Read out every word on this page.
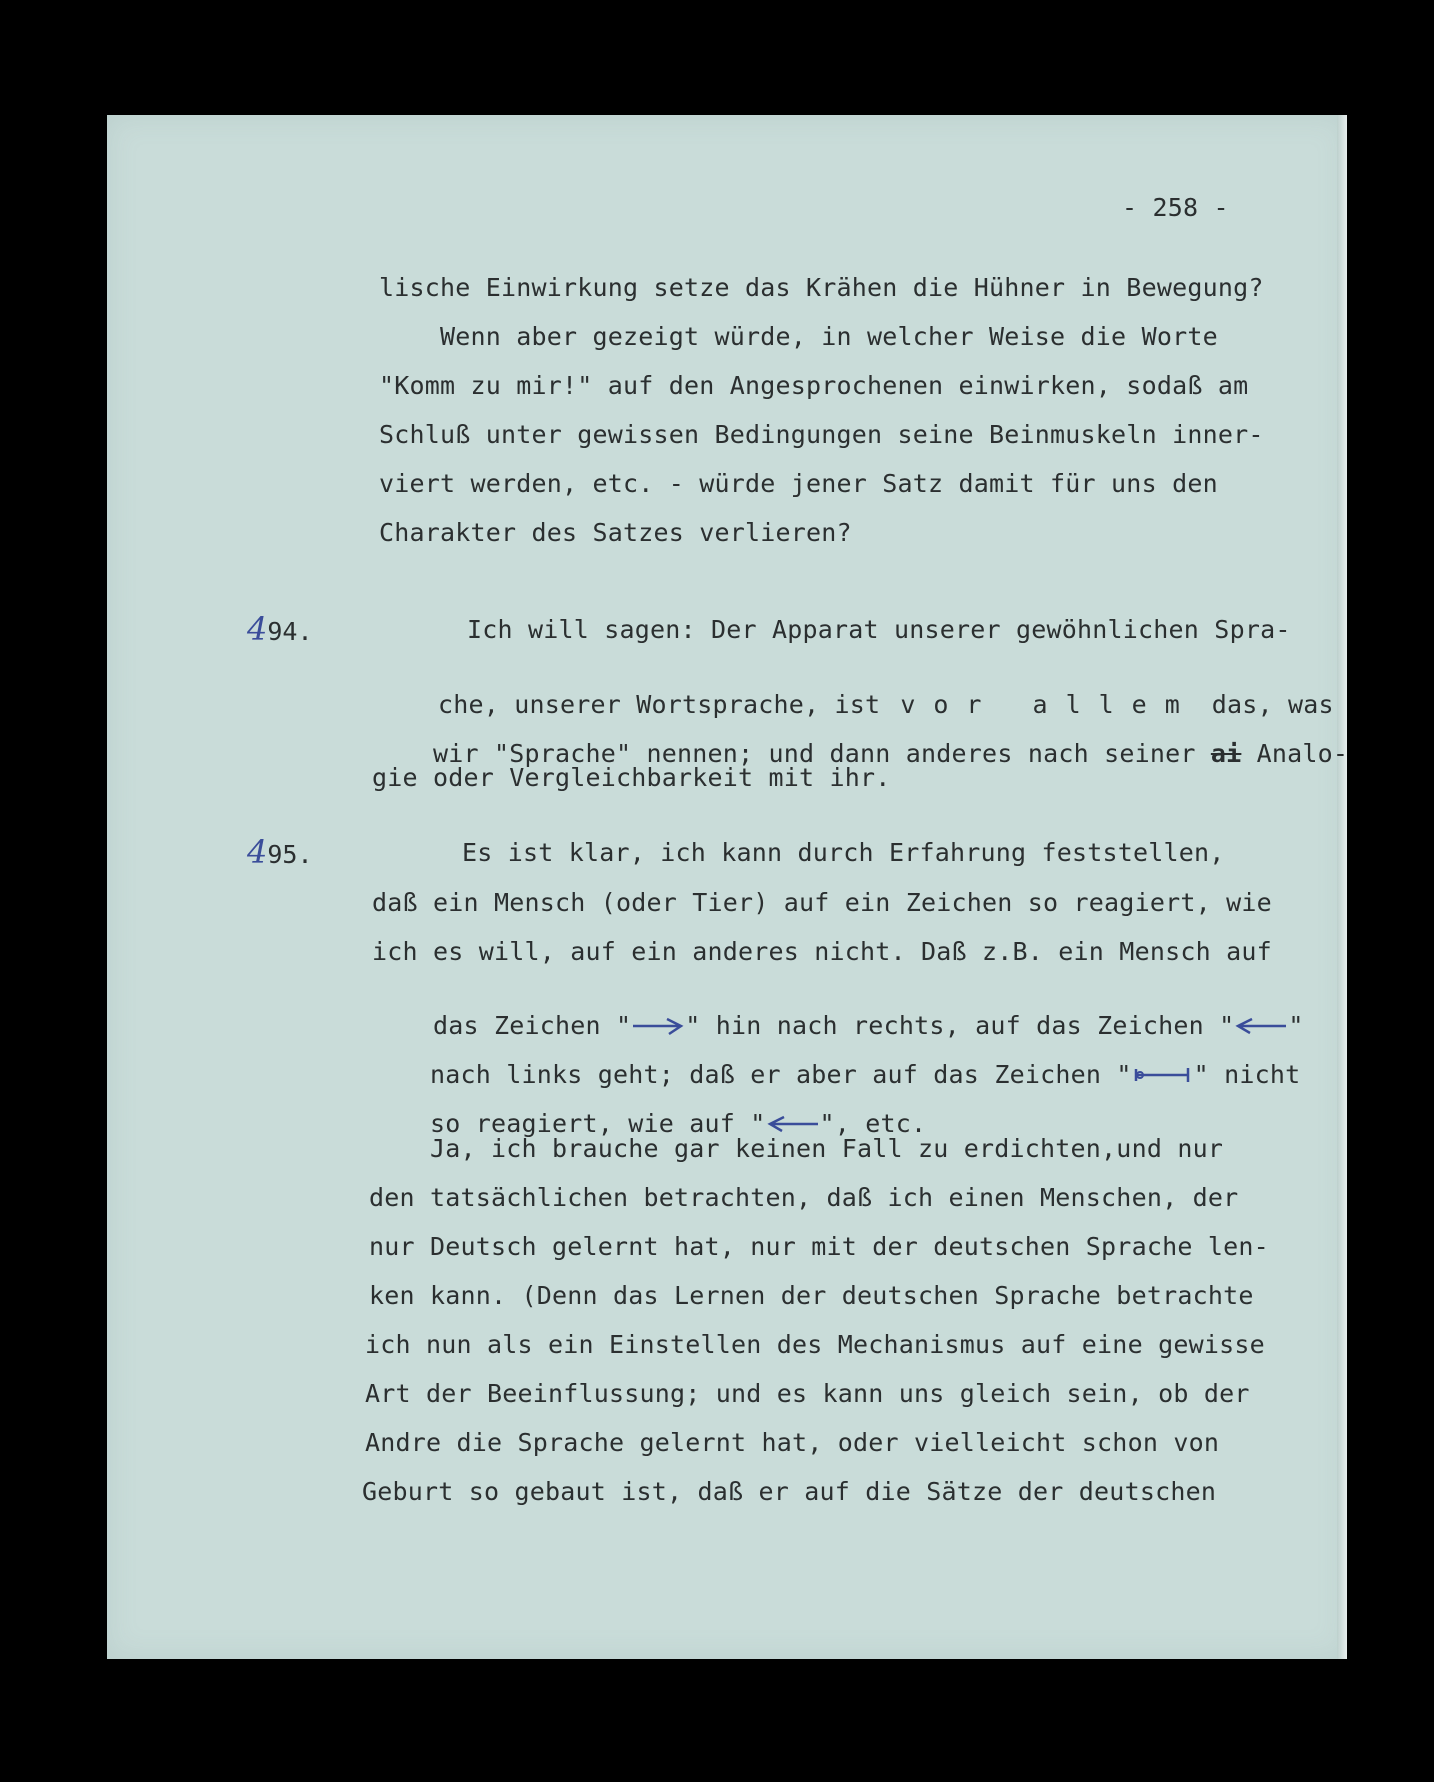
- 258 -
lische Einwirkung setze das Krähen die Hühner in Bewegung?
Wenn aber gezeigt würde, in welcher Weise die Worte
"Komm zu mir!" auf den Angesprochenen einwirken, sodaß am
Schluß unter gewissen Bedingungen seine Beinmuskeln inner-
viert werden, etc. - würde jener Satz damit für uns den
Charakter des Satzes verlieren?
494.	Ich will sagen: Der Apparat unserer gewöhnlichen Spra-

che, unserer Wortsprache, ist vor allem das, was

wir "Sprache" nennen; und dann anderes nach seiner ai Analo-

gie oder Vergleichbarkeit mit ihr.
495.	Es ist klar, ich kann durch Erfahrung feststellen,
daß ein Mensch (oder Tier) auf ein Zeichen so reagiert, wie
ich es will, auf ein anderes nicht. Daß z.B. ein Mensch auf

das Zeichen " " hin nach rechts, auf das Zeichen " "

nach links geht; daß er aber auf das Zeichen " " nicht

so reagiert, wie auf " ", etc.

Ja, ich brauche gar keinen Fall zu erdichten,und nur
den tatsächlichen betrachten, daß ich einen Menschen, der
nur Deutsch gelernt hat, nur mit der deutschen Sprache len-
ken kann. (Denn das Lernen der deutschen Sprache betrachte
ich nun als ein Einstellen des Mechanismus auf eine gewisse
Art der Beeinflussung; und es kann uns gleich sein, ob der
Andre die Sprache gelernt hat, oder vielleicht schon von
Geburt so gebaut ist, daß er auf die Sätze der deutschen
